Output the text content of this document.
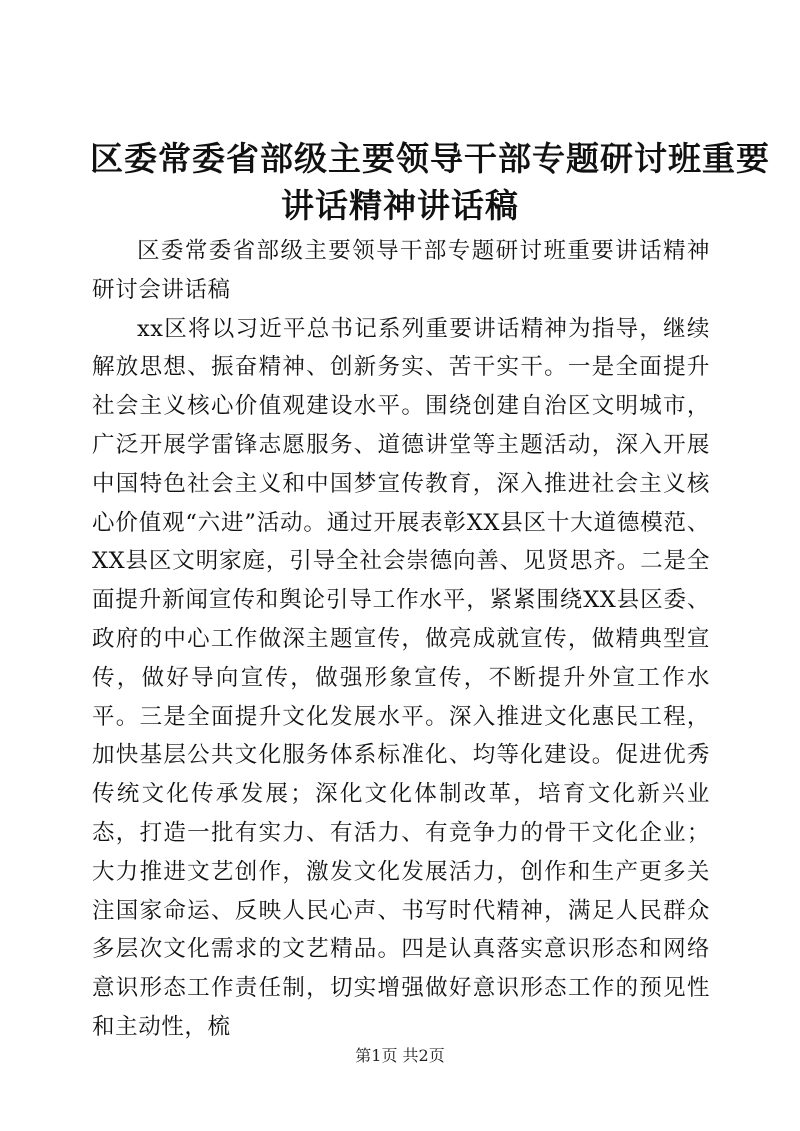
区委常委省部级主要领导干部专题研讨班重要
讲话精神讲话稿

区委常委省部级主要领导干部专题研讨班重要讲话精神研讨会讲话稿

xx区将以习近平总书记系列重要讲话精神为指导，继续解放思想、振奋精神、创新务实、苦干实干。一是全面提升社会主义核心价值观建设水平。围绕创建自治区文明城市，广泛开展学雷锋志愿服务、道德讲堂等主题活动，深入开展中国特色社会主义和中国梦宣传教育，深入推进社会主义核心价值观“六进”活动。通过开展表彰XX县区十大道德模范、XX县区文明家庭，引导全社会崇德向善、见贤思齐。二是全面提升新闻宣传和舆论引导工作水平，紧紧围绕XX县区委、政府的中心工作做深主题宣传，做亮成就宣传，做精典型宣传，做好导向宣传，做强形象宣传，不断提升外宣工作水平。三是全面提升文化发展水平。深入推进文化惠民工程，加快基层公共文化服务体系标准化、均等化建设。促进优秀传统文化传承发展；深化文化体制改革，培育文化新兴业态，打造一批有实力、有活力、有竞争力的骨干文化企业；大力推进文艺创作，激发文化发展活力，创作和生产更多关注国家命运、反映人民心声、书写时代精神，满足人民群众多层次文化需求的文艺精品。四是认真落实意识形态和网络意识形态工作责任制，切实增强做好意识形态工作的预见性和主动性，梳

第1页 共2页
